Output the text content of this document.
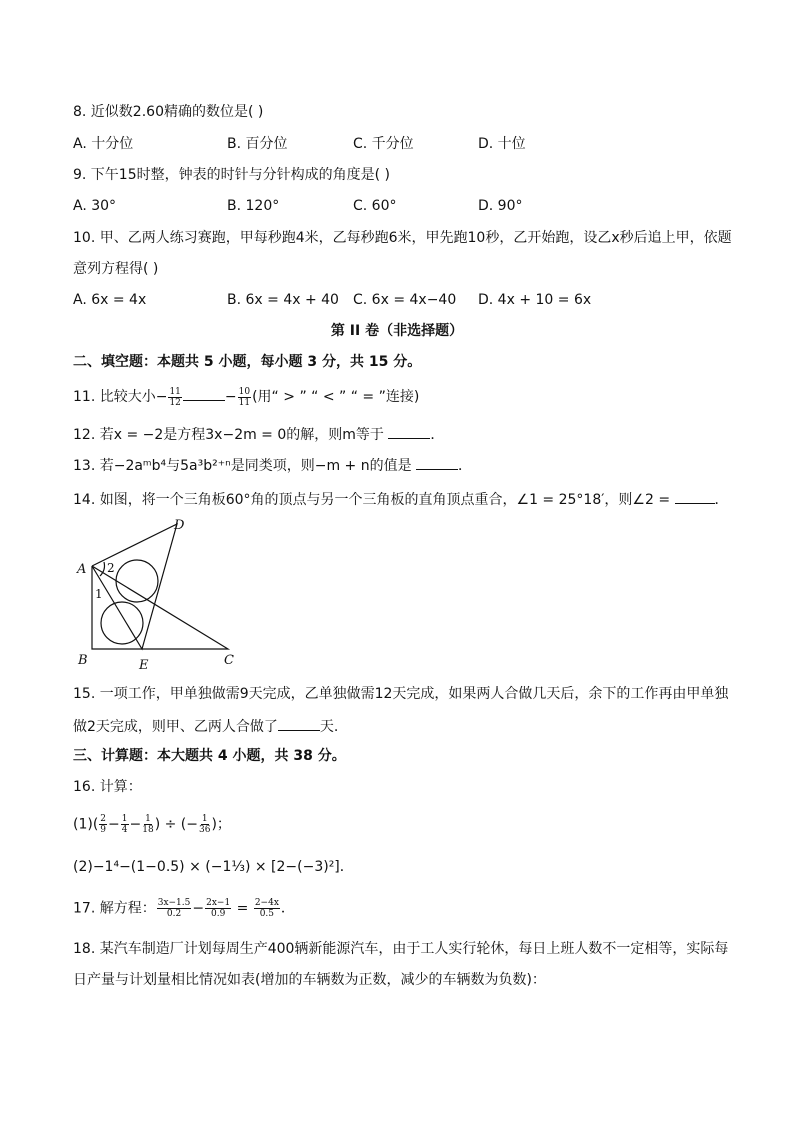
8. 近似数2.60精确的数位是( )
A. 十分位	B. 百分位	C. 千分位	D. 十位
9. 下午15时整，钟表的时针与分针构成的角度是( )
A. 30°	B. 120°	C. 60°	D. 90°
10. 甲、乙两人练习赛跑，甲每秒跑4米，乙每秒跑6米，甲先跑10秒，乙开始跑，设乙x秒后追上甲，依题
意列方程得( )
A. 6x = 4x	B. 6x = 4x + 40 C. 6x = 4x−40 D. 4x + 10 = 6x
第 II 卷（非选择题）
二、填空题：本题共 5 小题，每小题 3 分，共 15 分。
11. 比较大小− $\frac{11}{12}$	− $\frac{10}{11}$ (用“ > ” “ < ” “ = ”连接)
12. 若x = −2是方程3x−2m = 0的解，则m等于	．
13. 若−2aᵐb⁴与5a³b²⁺ⁿ是同类项，则−m + n的值是	．
14. 如图，将一个三角板60°角的顶点与另一个三角板的直角顶点重合，∠1 = 25°18′，则∠2 =	．
A
B	C
D
E
1
2
15. 一项工作，甲单独做需9天完成，乙单独做需12天完成，如果两人合做几天后，余下的工作再由甲单独
做2天完成，则甲、乙两人合做了	天.
三、计算题：本大题共 4 小题，共 38 分。
16. 计算：
$(1)( \frac{2}{9} - \frac{1}{4} - \frac{1}{18}$ ) ÷ (− $\frac{1}{36}$ )；
(2)−1⁴−(1−0.5) × (−1⅓) × [2−(−3)²]．
17. 解方程： $\frac{3x-1.5}{0.2} - \frac{2x-1}{0.9} = \frac{2-4x}{0.5}$ ．
18. 某汽车制造厂计划每周生产400辆新能源汽车，由于工人实行轮休，每日上班人数不一定相等，实际每
日产量与计划量相比情况如表(增加的车辆数为正数，减少的车辆数为负数)：
